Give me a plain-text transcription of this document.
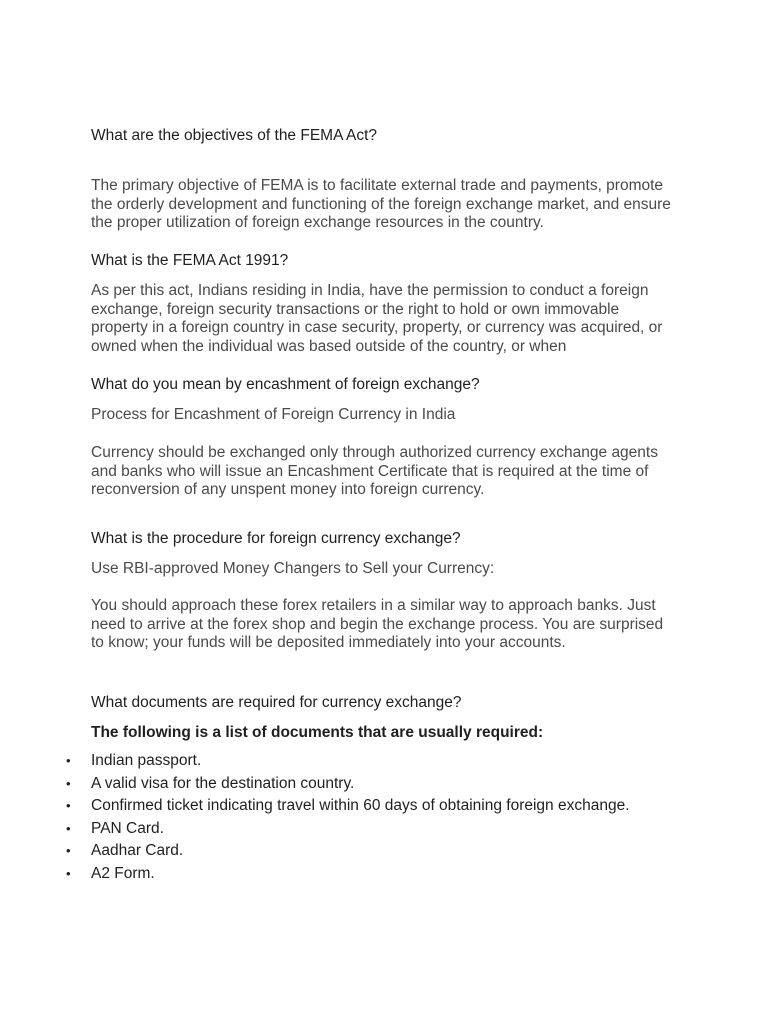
What are the objectives of the FEMA Act?

The primary objective of FEMA is to facilitate external trade and payments, promote
the orderly development and functioning of the foreign exchange market, and ensure
the proper utilization of foreign exchange resources in the country.

What is the FEMA Act 1991?

As per this act, Indians residing in India, have the permission to conduct a foreign
exchange, foreign security transactions or the right to hold or own immovable
property in a foreign country in case security, property, or currency was acquired, or
owned when the individual was based outside of the country, or when

What do you mean by encashment of foreign exchange?

Process for Encashment of Foreign Currency in India
Currency should be exchanged only through authorized currency exchange agents
and banks who will issue an Encashment Certificate that is required at the time of
reconversion of any unspent money into foreign currency.

What is the procedure for foreign currency exchange?

Use RBI-approved Money Changers to Sell your Currency:
You should approach these forex retailers in a similar way to approach banks. Just
need to arrive at the forex shop and begin the exchange process. You are surprised
to know; your funds will be deposited immediately into your accounts.

What documents are required for currency exchange?

The following is a list of documents that are usually required:

• Indian passport.
• A valid visa for the destination country.
• Confirmed ticket indicating travel within 60 days of obtaining foreign exchange.
• PAN Card.
• Aadhar Card.
• A2 Form.
